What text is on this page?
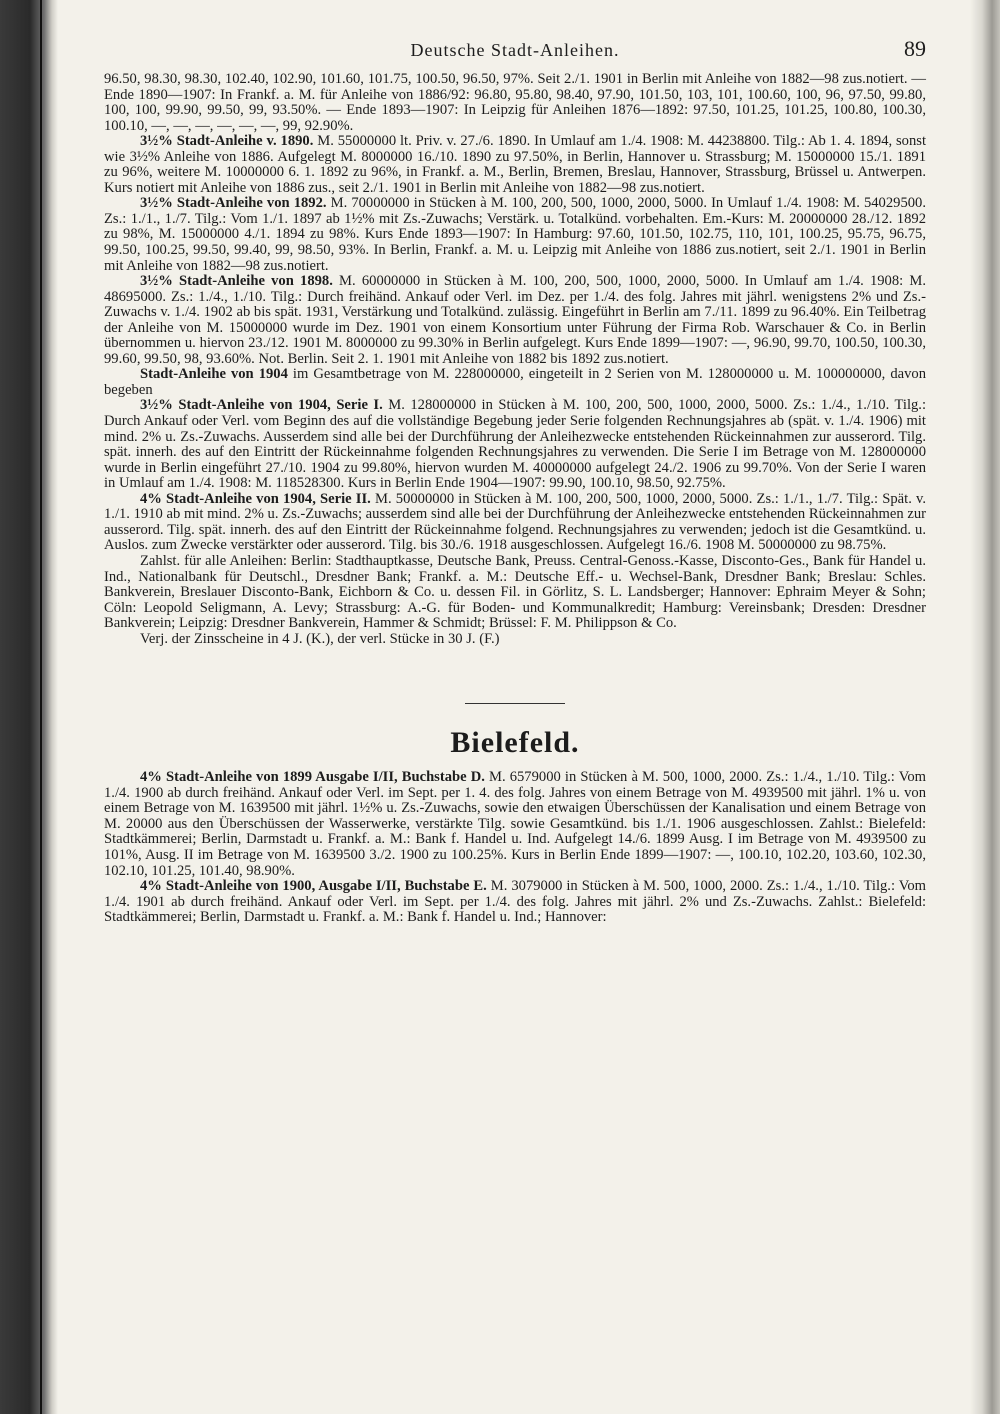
Deutsche Stadt-Anleihen.	89

96.50, 98.30, 98.30, 102.40, 102.90, 101.60, 101.75, 100.50, 96.50, 97%. Seit 2./1. 1901 in Berlin mit Anleihe von 1882—98 zus.notiert. — Ende 1890—1907: In Frankf. a. M. für Anleihe von 1886/92: 96.80, 95.80, 98.40, 97.90, 101.50, 103, 101, 100.60, 100, 96, 97.50, 99.80, 100, 100, 99.90, 99.50, 99, 93.50%. — Ende 1893—1907: In Leipzig für Anleihen 1876—1892: 97.50, 101.25, 101.25, 100.80, 100.30, 100.10, —, —, —, —, —, —, 99, 92.90%.

3½% Stadt-Anleihe v. 1890. M. 55000000 lt. Priv. v. 27./6. 1890. In Umlauf am 1./4. 1908: M. 44238800. Tilg.: Ab 1. 4. 1894, sonst wie 3½% Anleihe von 1886. Aufgelegt M. 8000000 16./10. 1890 zu 97.50%, in Berlin, Hannover u. Strassburg; M. 15000000 15./1. 1891 zu 96%, weitere M. 10000000 6. 1. 1892 zu 96%, in Frankf. a. M., Berlin, Bremen, Breslau, Hannover, Strassburg, Brüssel u. Antwerpen. Kurs notiert mit Anleihe von 1886 zus., seit 2./1. 1901 in Berlin mit Anleihe von 1882—98 zus.notiert.

3½% Stadt-Anleihe von 1892. M. 70000000 in Stücken à M. 100, 200, 500, 1000, 2000, 5000. In Umlauf 1./4. 1908: M. 54029500. Zs.: 1./1., 1./7. Tilg.: Vom 1./1. 1897 ab 1½% mit Zs.-Zuwachs; Verstärk. u. Totalkünd. vorbehalten. Em.-Kurs: M. 20000000 28./12. 1892 zu 98%, M. 15000000 4./1. 1894 zu 98%. Kurs Ende 1893—1907: In Hamburg: 97.60, 101.50, 102.75, 110, 101, 100.25, 95.75, 96.75, 99.50, 100.25, 99.50, 99.40, 99, 98.50, 93%. In Berlin, Frankf. a. M. u. Leipzig mit Anleihe von 1886 zus.notiert, seit 2./1. 1901 in Berlin mit Anleihe von 1882—98 zus.notiert.

3½% Stadt-Anleihe von 1898. M. 60000000 in Stücken à M. 100, 200, 500, 1000, 2000, 5000. In Umlauf am 1./4. 1908: M. 48695000. Zs.: 1./4., 1./10. Tilg.: Durch freihänd. Ankauf oder Verl. im Dez. per 1./4. des folg. Jahres mit jährl. wenigstens 2% und Zs.-Zuwachs v. 1./4. 1902 ab bis spät. 1931, Verstärkung und Totalkünd. zulässig. Eingeführt in Berlin am 7./11. 1899 zu 96.40%. Ein Teilbetrag der Anleihe von M. 15000000 wurde im Dez. 1901 von einem Konsortium unter Führung der Firma Rob. Warschauer & Co. in Berlin übernommen u. hiervon 23./12. 1901 M. 8000000 zu 99.30% in Berlin aufgelegt. Kurs Ende 1899—1907: —, 96.90, 99.70, 100.50, 100.30, 99.60, 99.50, 98, 93.60%. Not. Berlin. Seit 2. 1. 1901 mit Anleihe von 1882 bis 1892 zus.notiert.

Stadt-Anleihe von 1904 im Gesamtbetrage von M. 228000000, eingeteilt in 2 Serien von M. 128000000 u. M. 100000000, davon begeben

3½% Stadt-Anleihe von 1904, Serie I. M. 128000000 in Stücken à M. 100, 200, 500, 1000, 2000, 5000. Zs.: 1./4., 1./10. Tilg.: Durch Ankauf oder Verl. vom Beginn des auf die vollständige Begebung jeder Serie folgenden Rechnungsjahres ab (spät. v. 1./4. 1906) mit mind. 2% u. Zs.-Zuwachs. Ausserdem sind alle bei der Durchführung der Anleihezwecke entstehenden Rückeinnahmen zur ausserord. Tilg. spät. innerh. des auf den Eintritt der Rückeinnahme folgenden Rechnungsjahres zu verwenden. Die Serie I im Betrage von M. 128000000 wurde in Berlin eingeführt 27./10. 1904 zu 99.80%, hiervon wurden M. 40000000 aufgelegt 24./2. 1906 zu 99.70%. Von der Serie I waren in Umlauf am 1./4. 1908: M. 118528300. Kurs in Berlin Ende 1904—1907: 99.90, 100.10, 98.50, 92.75%.

4% Stadt-Anleihe von 1904, Serie II. M. 50000000 in Stücken à M. 100, 200, 500, 1000, 2000, 5000. Zs.: 1./1., 1./7. Tilg.: Spät. v. 1./1. 1910 ab mit mind. 2% u. Zs.-Zuwachs; ausserdem sind alle bei der Durchführung der Anleihezwecke entstehenden Rückeinnahmen zur ausserord. Tilg. spät. innerh. des auf den Eintritt der Rückeinnahme folgend. Rechnungsjahres zu verwenden; jedoch ist die Gesamtkünd. u. Auslos. zum Zwecke verstärkter oder ausserord. Tilg. bis 30./6. 1918 ausgeschlossen. Aufgelegt 16./6. 1908 M. 50000000 zu 98.75%.

Zahlst. für alle Anleihen: Berlin: Stadthauptkasse, Deutsche Bank, Preuss. Central-Genoss.-Kasse, Disconto-Ges., Bank für Handel u. Ind., Nationalbank für Deutschl., Dresdner Bank; Frankf. a. M.: Deutsche Eff.- u. Wechsel-Bank, Dresdner Bank; Breslau: Schles. Bankverein, Breslauer Disconto-Bank, Eichborn & Co. u. dessen Fil. in Görlitz, S. L. Landsberger; Hannover: Ephraim Meyer & Sohn; Cöln: Leopold Seligmann, A. Levy; Strassburg: A.-G. für Boden- und Kommunalkredit; Hamburg: Vereinsbank; Dresden: Dresdner Bankverein; Leipzig: Dresdner Bankverein, Hammer & Schmidt; Brüssel: F. M. Philippson & Co.

Verj. der Zinsscheine in 4 J. (K.), der verl. Stücke in 30 J. (F.)

Bielefeld.

4% Stadt-Anleihe von 1899 Ausgabe I/II, Buchstabe D. M. 6579000 in Stücken à M. 500, 1000, 2000. Zs.: 1./4., 1./10. Tilg.: Vom 1./4. 1900 ab durch freihänd. Ankauf oder Verl. im Sept. per 1. 4. des folg. Jahres von einem Betrage von M. 4939500 mit jährl. 1% u. von einem Betrage von M. 1639500 mit jährl. 1½% u. Zs.-Zuwachs, sowie den etwaigen Überschüssen der Kanalisation und einem Betrage von M. 20000 aus den Überschüssen der Wasserwerke, verstärkte Tilg. sowie Gesamtkünd. bis 1./1. 1906 ausgeschlossen. Zahlst.: Bielefeld: Stadtkämmerei; Berlin, Darmstadt u. Frankf. a. M.: Bank f. Handel u. Ind. Aufgelegt 14./6. 1899 Ausg. I im Betrage von M. 4939500 zu 101%, Ausg. II im Betrage von M. 1639500 3./2. 1900 zu 100.25%. Kurs in Berlin Ende 1899—1907: —, 100.10, 102.20, 103.60, 102.30, 102.10, 101.25, 101.40, 98.90%.

4% Stadt-Anleihe von 1900, Ausgabe I/II, Buchstabe E. M. 3079000 in Stücken à M. 500, 1000, 2000. Zs.: 1./4., 1./10. Tilg.: Vom 1./4. 1901 ab durch freihänd. Ankauf oder Verl. im Sept. per 1./4. des folg. Jahres mit jährl. 2% und Zs.-Zuwachs. Zahlst.: Bielefeld: Stadtkämmerei; Berlin, Darmstadt u. Frankf. a. M.: Bank f. Handel u. Ind.; Hannover:
